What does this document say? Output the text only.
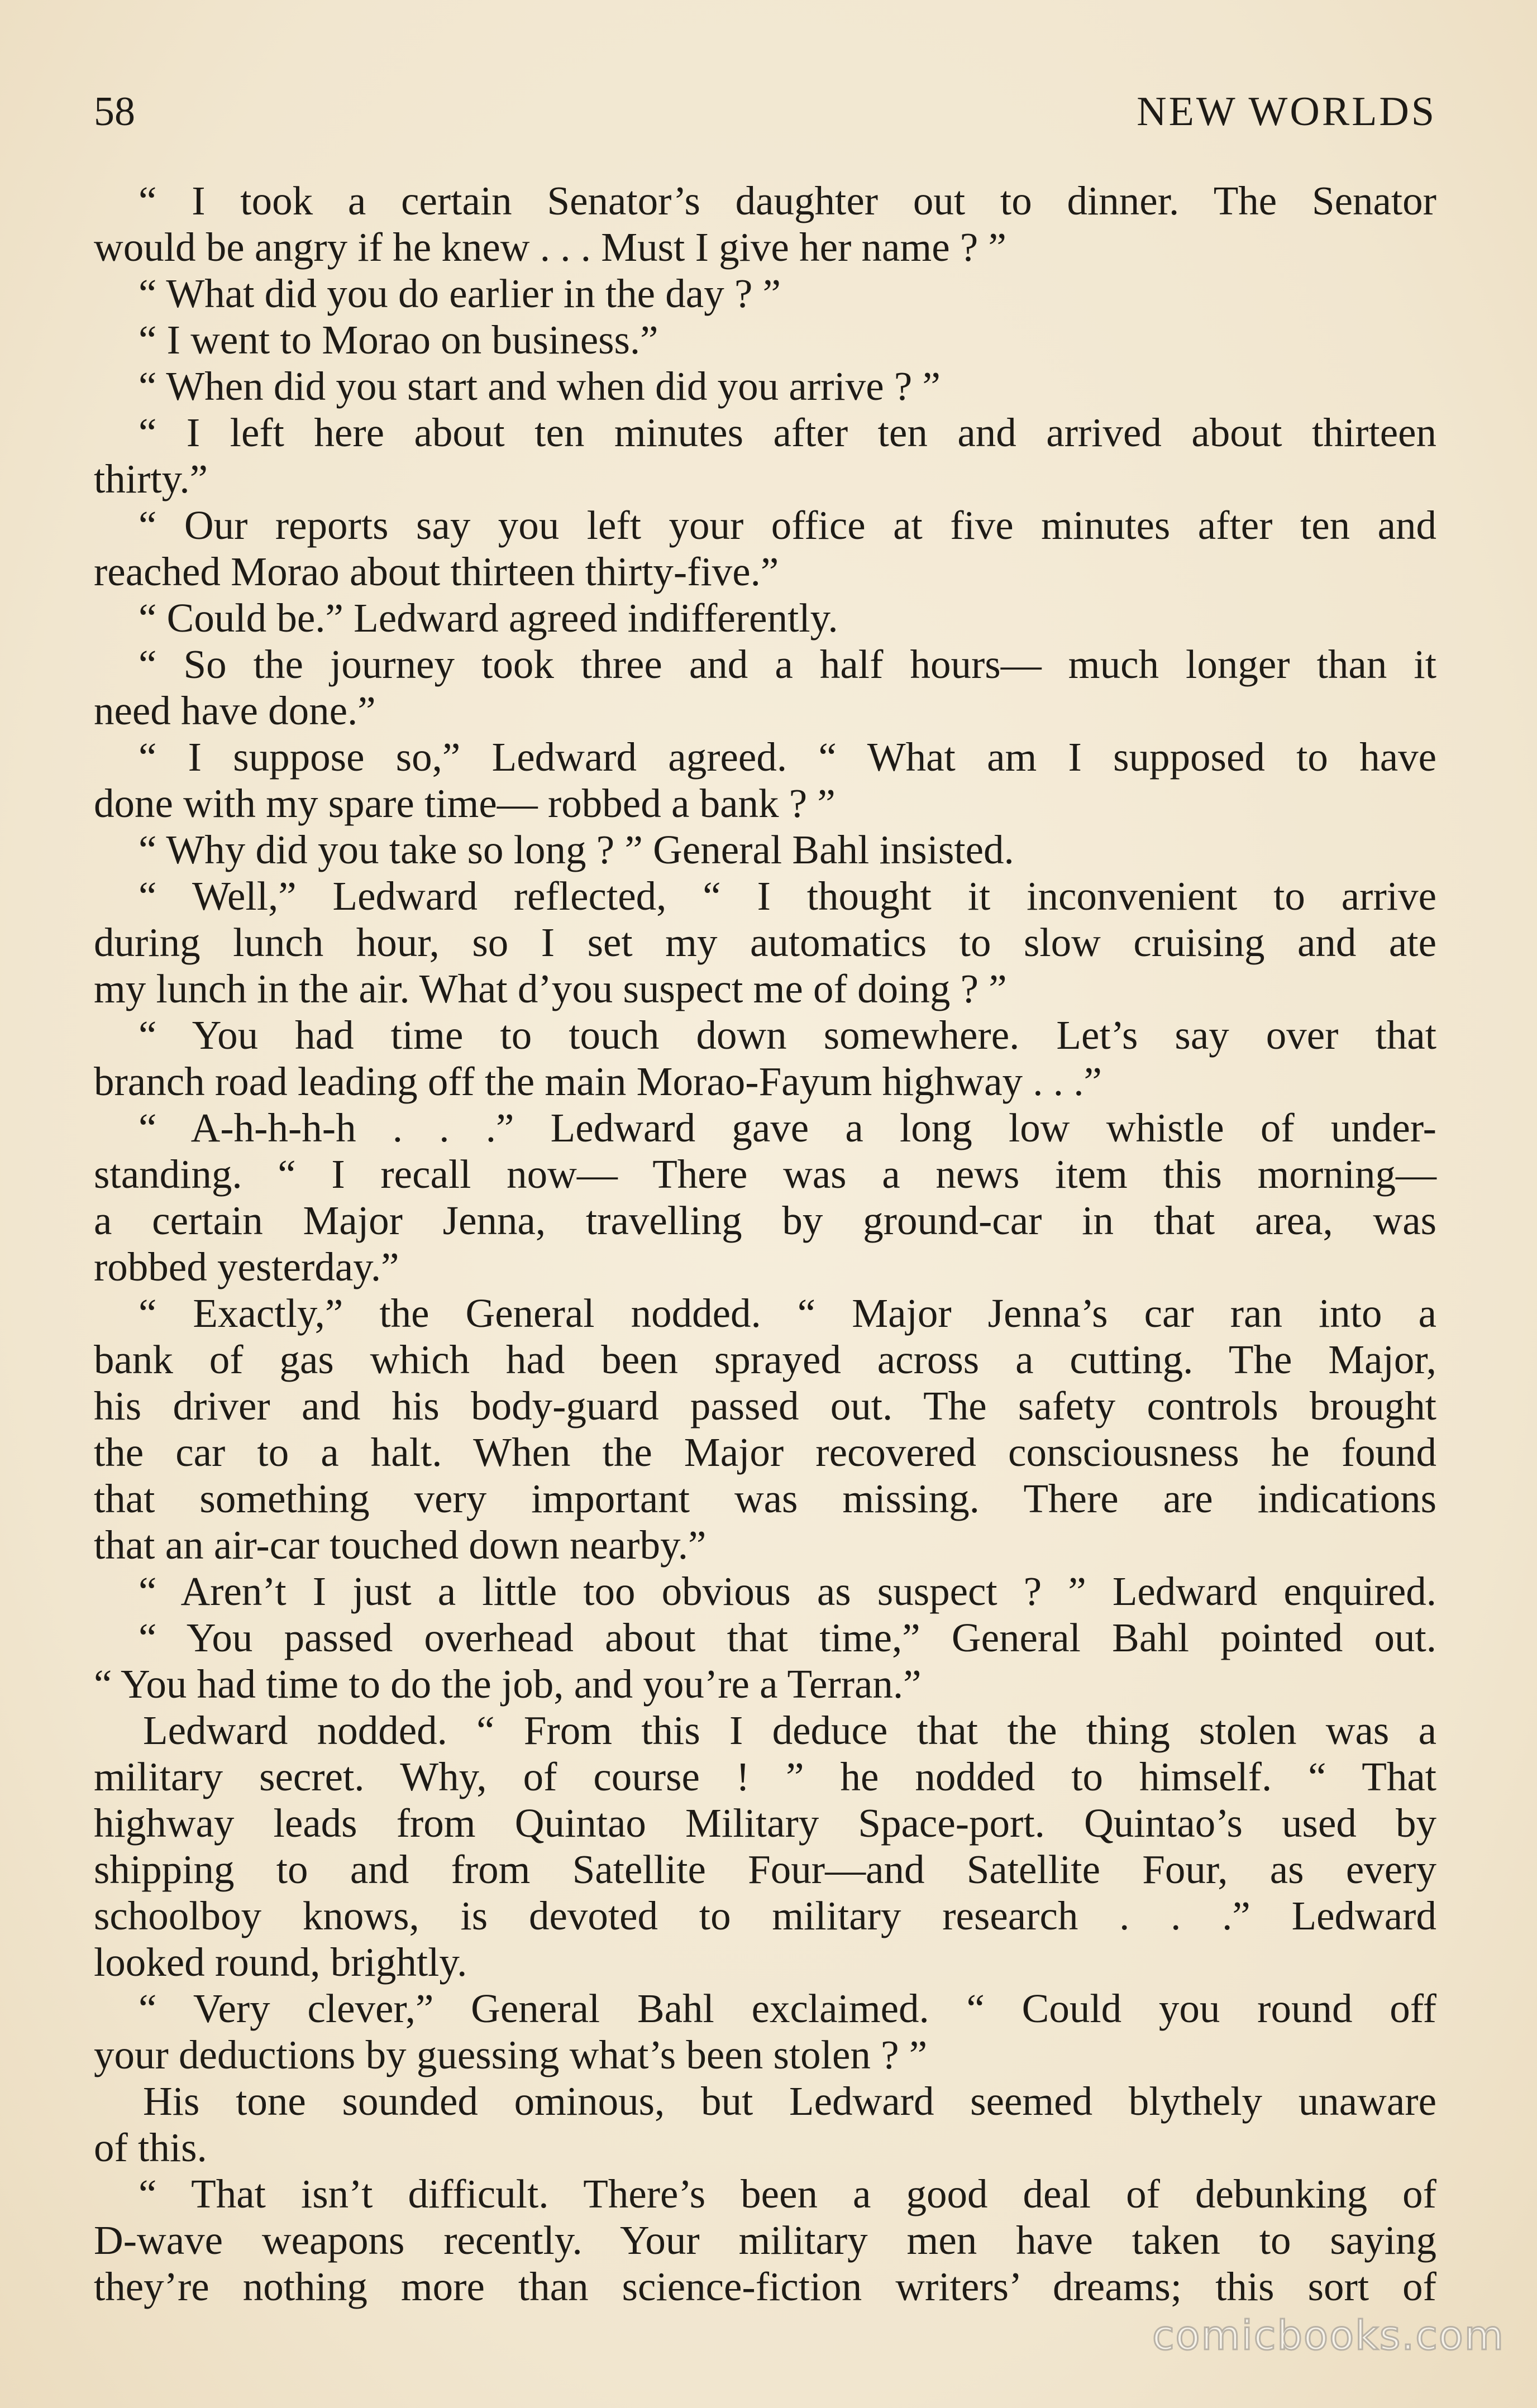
58	NEW WORLDS
“ I took a certain Senator’s daughter out to dinner. The Senator
would be angry if he knew . . . Must I give her name ? ”
“ What did you do earlier in the day ? ”
“ I went to Morao on business.”
“ When did you start and when did you arrive ? ”
“ I left here about ten minutes after ten and arrived about thirteen
thirty.”
“ Our reports say you left your office at five minutes after ten and
reached Morao about thirteen thirty-five.”
“ Could be.” Ledward agreed indifferently.
“ So the journey took three and a half hours— much longer than it
need have done.”
“ I suppose so,” Ledward agreed. “ What am I supposed to have
done with my spare time— robbed a bank ? ”
“ Why did you take so long ? ” General Bahl insisted.
“ Well,” Ledward reflected, “ I thought it inconvenient to arrive
during lunch hour, so I set my automatics to slow cruising and ate
my lunch in the air. What d’you suspect me of doing ? ”
“ You had time to touch down somewhere. Let’s say over that
branch road leading off the main Morao-Fayum highway . . .”
“ A-h-h-h-h . . .” Ledward gave a long low whistle of under-
standing. “ I recall now— There was a news item this morning—
a certain Major Jenna, travelling by ground-car in that area, was
robbed yesterday.”
“ Exactly,” the General nodded. “ Major Jenna’s car ran into a
bank of gas which had been sprayed across a cutting. The Major,
his driver and his body-guard passed out. The safety controls brought
the car to a halt. When the Major recovered consciousness he found
that something very important was missing. There are indications
that an air-car touched down nearby.”
“ Aren’t I just a little too obvious as suspect ? ” Ledward enquired.
“ You passed overhead about that time,” General Bahl pointed out.
“ You had time to do the job, and you’re a Terran.”
Ledward nodded. “ From this I deduce that the thing stolen was a
military secret. Why, of course ! ” he nodded to himself. “ That
highway leads from Quintao Military Space-port. Quintao’s used by
shipping to and from Satellite Four—and Satellite Four, as every
schoolboy knows, is devoted to military research . . .” Ledward
looked round, brightly.
“ Very clever,” General Bahl exclaimed. “ Could you round off
your deductions by guessing what’s been stolen ? ”
His tone sounded ominous, but Ledward seemed blythely unaware
of this.
“ That isn’t difficult. There’s been a good deal of debunking of
D-wave weapons recently. Your military men have taken to saying
they’re nothing more than science-fiction writers’ dreams; this sort of
comicbooks.com
